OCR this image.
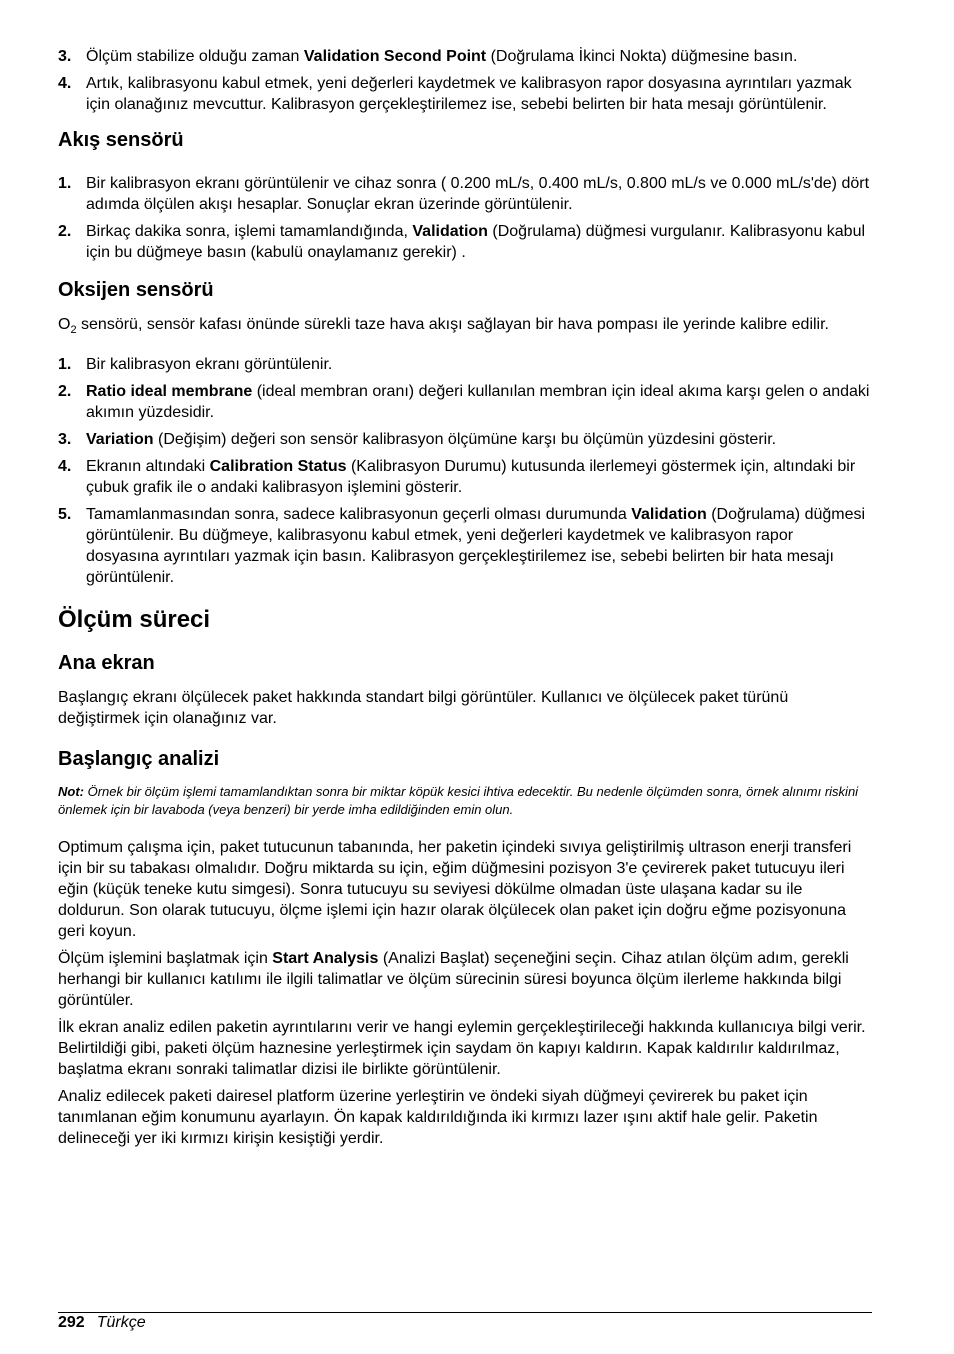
3. Ölçüm stabilize olduğu zaman Validation Second Point (Doğrulama İkinci Nokta) düğmesine basın.
4. Artık, kalibrasyonu kabul etmek, yeni değerleri kaydetmek ve kalibrasyon rapor dosyasına ayrıntıları yazmak için olanağınız mevcuttur. Kalibrasyon gerçekleştirilemez ise, sebebi belirten bir hata mesajı görüntülenir.
Akış sensörü
1. Bir kalibrasyon ekranı görüntülenir ve cihaz sonra ( 0.200 mL/s, 0.400 mL/s, 0.800 mL/s ve 0.000 mL/s'de) dört adımda ölçülen akışı hesaplar. Sonuçlar ekran üzerinde görüntülenir.
2. Birkaç dakika sonra, işlemi tamamlandığında, Validation (Doğrulama) düğmesi vurgulanır. Kalibrasyonu kabul için bu düğmeye basın (kabulü onaylamanız gerekir) .
Oksijen sensörü

$O_2$ sensörü, sensör kafası önünde sürekli taze hava akışı sağlayan bir hava pompası ile yerinde kalibre edilir.

1. Bir kalibrasyon ekranı görüntülenir.
2. Ratio ideal membrane (ideal membran oranı) değeri kullanılan membran için ideal akıma karşı gelen o andaki akımın yüzdesidir.
3. Variation (Değişim) değeri son sensör kalibrasyon ölçümüne karşı bu ölçümün yüzdesini gösterir.
4. Ekranın altındaki Calibration Status (Kalibrasyon Durumu) kutusunda ilerlemeyi göstermek için, altındaki bir çubuk grafik ile o andaki kalibrasyon işlemini gösterir.
5. Tamamlanmasından sonra, sadece kalibrasyonun geçerli olması durumunda Validation (Doğrulama) düğmesi görüntülenir. Bu düğmeye, kalibrasyonu kabul etmek, yeni değerleri kaydetmek ve kalibrasyon rapor dosyasına ayrıntıları yazmak için basın. Kalibrasyon gerçekleştirilemez ise, sebebi belirten bir hata mesajı görüntülenir.
Ölçüm süreci
Ana ekran

Başlangıç ekranı ölçülecek paket hakkında standart bilgi görüntüler. Kullanıcı ve ölçülecek paket türünü değiştirmek için olanağınız var.

Başlangıç analizi

Not: Örnek bir ölçüm işlemi tamamlandıktan sonra bir miktar köpük kesici ihtiva edecektir. Bu nedenle ölçümden sonra, örnek alınımı riskini önlemek için bir lavaboda (veya benzeri) bir yerde imha edildiğinden emin olun.

Optimum çalışma için, paket tutucunun tabanında, her paketin içindeki sıvıya geliştirilmiş ultrason enerji transferi için bir su tabakası olmalıdır. Doğru miktarda su için, eğim düğmesini pozisyon 3'e çevirerek paket tutucuyu ileri eğin (küçük teneke kutu simgesi). Sonra tutucuyu su seviyesi dökülme olmadan üste ulaşana kadar su ile doldurun. Son olarak tutucuyu, ölçme işlemi için hazır olarak ölçülecek olan paket için doğru eğme pozisyonuna geri koyun.

Ölçüm işlemini başlatmak için Start Analysis (Analizi Başlat) seçeneğini seçin. Cihaz atılan ölçüm adım, gerekli herhangi bir kullanıcı katılımı ile ilgili talimatlar ve ölçüm sürecinin süresi boyunca ölçüm ilerleme hakkında bilgi görüntüler.

İlk ekran analiz edilen paketin ayrıntılarını verir ve hangi eylemin gerçekleştirileceği hakkında kullanıcıya bilgi verir. Belirtildiği gibi, paketi ölçüm haznesine yerleştirmek için saydam ön kapıyı kaldırın. Kapak kaldırılır kaldırılmaz, başlatma ekranı sonraki talimatlar dizisi ile birlikte görüntülenir.

Analiz edilecek paketi dairesel platform üzerine yerleştirin ve öndeki siyah düğmeyi çevirerek bu paket için tanımlanan eğim konumunu ayarlayın. Ön kapak kaldırıldığında iki kırmızı lazer ışını aktif hale gelir. Paketin delineceği yer iki kırmızı kirişin kesiştiği yerdir.

292 Türkçe
